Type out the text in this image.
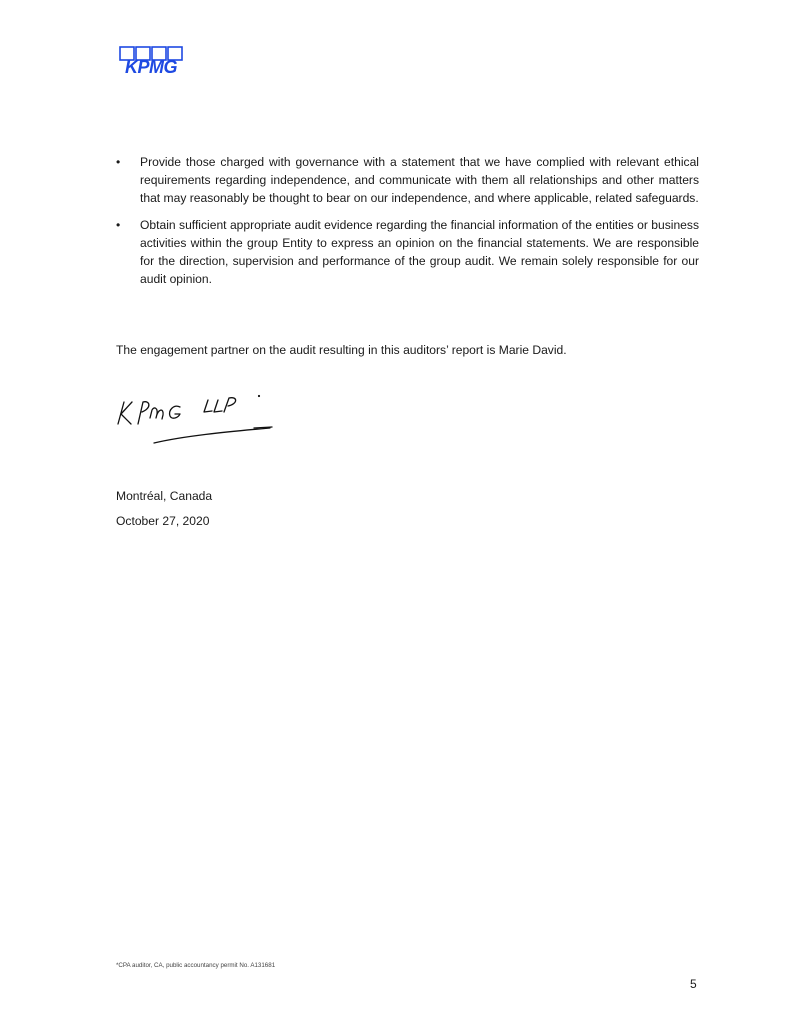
KPMG
•	Provide those charged with governance with a statement that we have complied with relevant ethical requirements regarding independence, and communicate with them all relationships and other matters that may reasonably be thought to bear on our independence, and where applicable, related safeguards.
•	Obtain sufficient appropriate audit evidence regarding the financial information of the entities or business activities within the group Entity to express an opinion on the financial statements. We are responsible for the direction, supervision and performance of the group audit. We remain solely responsible for our audit opinion.
The engagement partner on the audit resulting in this auditors’ report is Marie David.
Montréal, Canada
October 27, 2020
*CPA auditor, CA, public accountancy permit No. A131681
5
